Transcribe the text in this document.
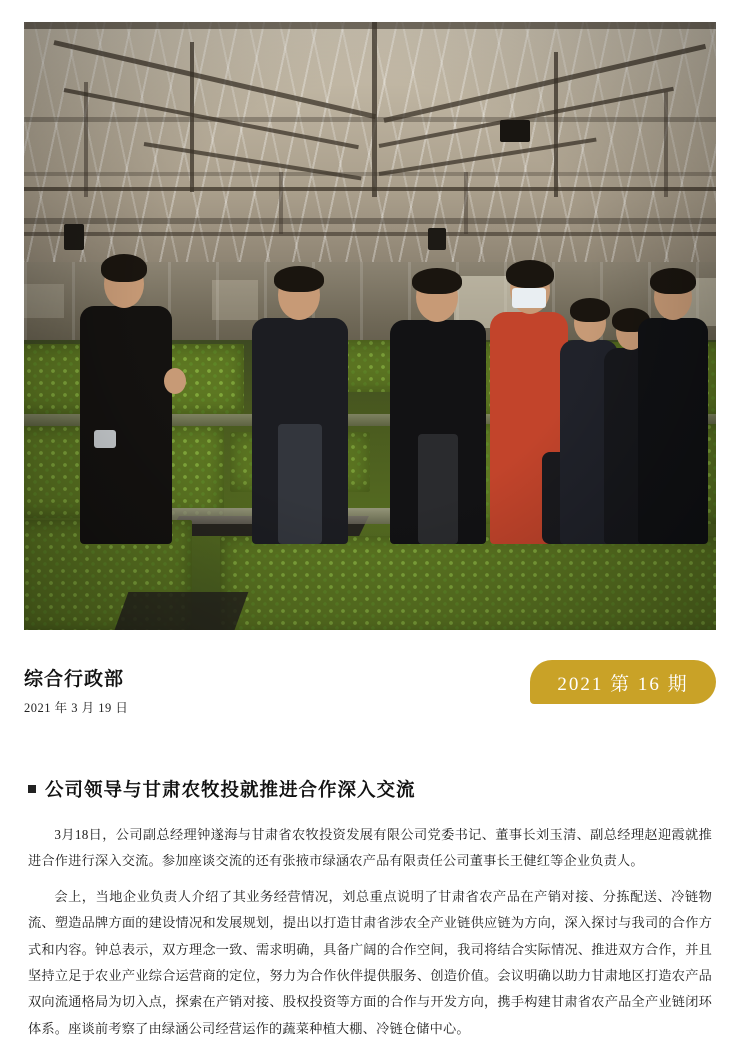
综合行政部
2021 年 3 月 19 日
2021 第 16 期
公司领导与甘肃农牧投就推进合作深入交流

3月18日，公司副总经理钟遂海与甘肃省农牧投资发展有限公司党委书记、董事长刘玉清、副总经理赵迎霞就推进合作进行深入交流。参加座谈交流的还有张掖市绿涵农产品有限责任公司董事长王健红等企业负责人。

会上，当地企业负责人介绍了其业务经营情况，刘总重点说明了甘肃省农产品在产销对接、分拣配送、冷链物流、塑造品牌方面的建设情况和发展规划，提出以打造甘肃省涉农全产业链供应链为方向，深入探讨与我司的合作方式和内容。钟总表示，双方理念一致、需求明确，具备广阔的合作空间，我司将结合实际情况、推进双方合作，并且坚持立足于农业产业综合运营商的定位，努力为合作伙伴提供服务、创造价值。会议明确以助力甘肃地区打造农产品双向流通格局为切入点，探索在产销对接、股权投资等方面的合作与开发方向，携手构建甘肃省农产品全产业链闭环体系。座谈前考察了由绿涵公司经营运作的蔬菜种植大棚、冷链仓储中心。
